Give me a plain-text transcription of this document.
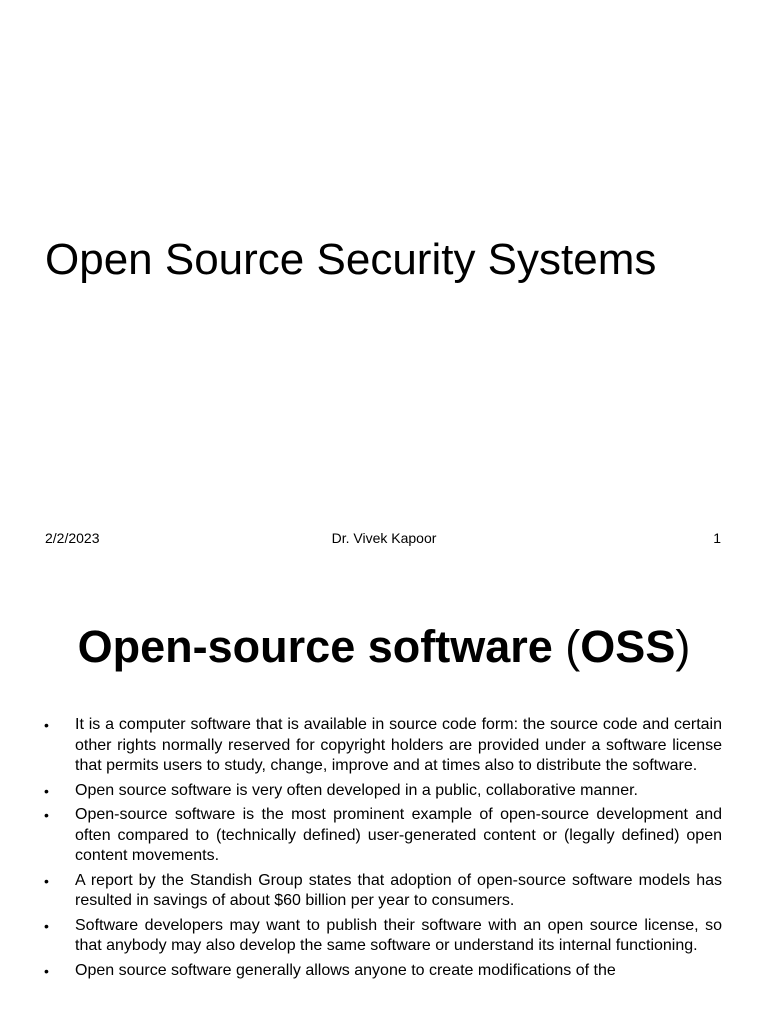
Open Source Security Systems
2/2/2023	Dr. Vivek Kapoor	1
Open-source software (OSS)
• It is a computer software that is available in source code form: the source code and certain other rights normally reserved for copyright holders are provided under a software license that permits users to study, change, improve and at times also to distribute the software.
• Open source software is very often developed in a public, collaborative manner.
• Open-source software is the most prominent example of open-source development and often compared to (technically defined) user-generated content or (legally defined) open content movements.
• A report by the Standish Group states that adoption of open-source software models has resulted in savings of about $60 billion per year to consumers.
• Software developers may want to publish their software with an open source license, so that anybody may also develop the same software or understand its internal functioning.
• Open source software generally allows anyone to create modifications of the
